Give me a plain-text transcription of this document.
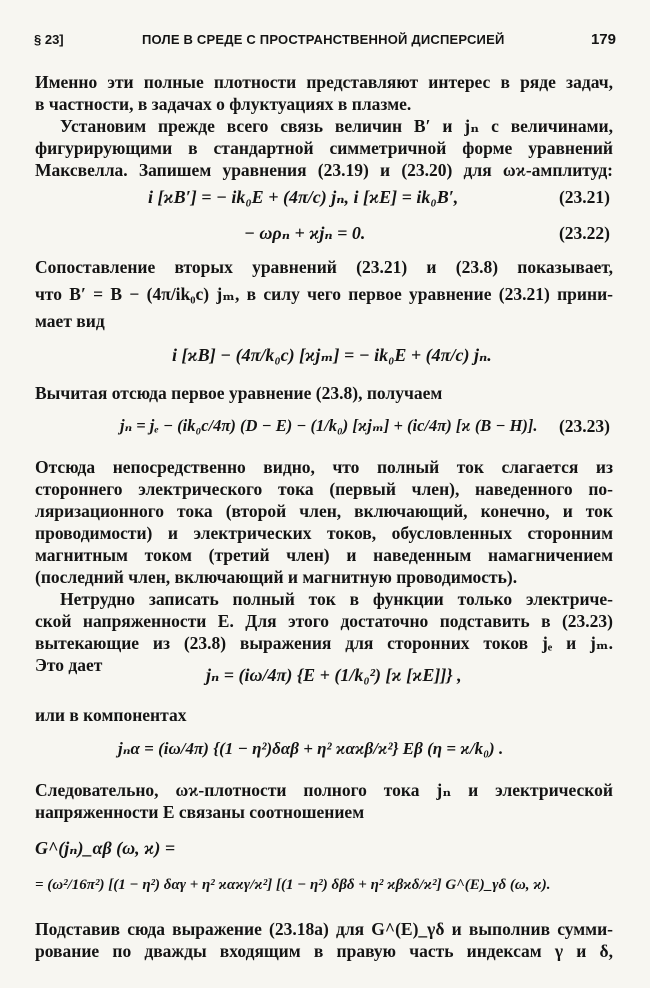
§ 23]	ПОЛЕ В СРЕДЕ С ПРОСТРАНСТВЕННОЙ ДИСПЕРСИЕЙ	179
Именно эти полные плотности представляют интерес в ряде задач,
в частности, в задачах о флуктуациях в плазме.
Установим прежде всего связь величин B′ и jₙ с величинами,
фигурирующими в стандартной симметричной форме уравнений
Максвелла. Запишем уравнения (23.19) и (23.20) для ωϰ-амплитуд:
i [ϰB′] = − ik₀E + (4π/c) jₙ, i [ϰE] = ik₀B′,	(23.21)
− ωρₙ + ϰjₙ = 0.	(23.22)
Сопоставление вторых уравнений (23.21) и (23.8) показывает,
что B′ = B − (4π/ik₀c) jₘ, в силу чего первое уравнение (23.21) прини-
мает вид
i [ϰB] − (4π/k₀c) [ϰjₘ] = − ik₀E + (4π/c) jₙ.
Вычитая отсюда первое уравнение (23.8), получаем
jₙ = jₑ − (ik₀c/4π) (D − E) − (1/k₀) [ϰjₘ] + (ic/4π) [ϰ (B − H)]. (23.23)
Отсюда непосредственно видно, что полный ток слагается из
стороннего электрического тока (первый член), наведенного по-
ляризационного тока (второй член, включающий, конечно, и ток
проводимости) и электрических токов, обусловленных сторонним
магнитным током (третий член) и наведенным намагничением
(последний член, включающий и магнитную проводимость).
Нетрудно записать полный ток в функции только электриче-
ской напряженности E. Для этого достаточно подставить в (23.23)
вытекающие из (23.8) выражения для сторонних токов jₑ и jₘ.
Это дает	jₙ = (iω/4π) {E + (1/k₀²) [ϰ [ϰE]]} ,
или в компонентах
jₙα = (iω/4π) {(1 − η²)δαβ + η² ϰαϰβ/ϰ²} Eβ (η = ϰ/k₀) .
Следовательно, ωϰ-плотности полного тока jₙ и электрической
напряженности E связаны соотношением
G^(jₙ)_αβ (ω, ϰ) =
= (ω²/16π²) [(1 − η²) δαγ + η² ϰαϰγ/ϰ²] [(1 − η²) δβδ + η² ϰβϰδ/ϰ²] G^(E)_γδ (ω, ϰ).
Подставив сюда выражение (23.18а) для G^(E)_γδ и выполнив сумми-
рование по дважды входящим в правую часть индексам γ и δ,
